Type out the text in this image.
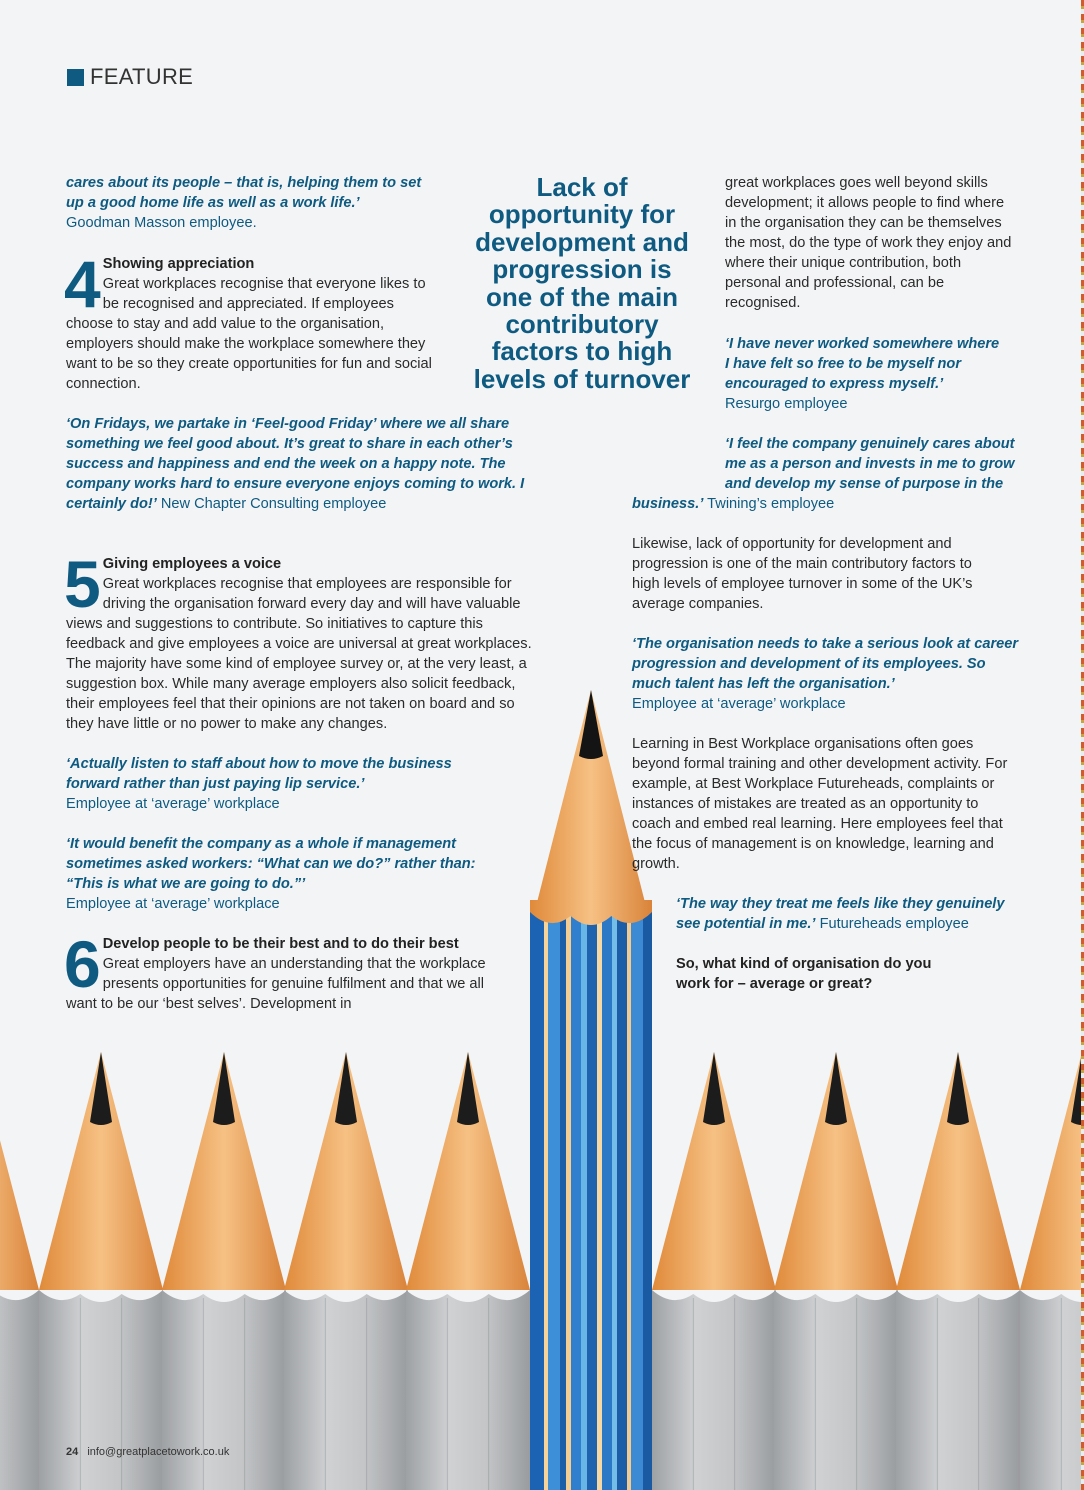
FEATURE
cares about its people – that is, helping them to set up a good home life as well as a work life.’ Goodman Masson employee.
4 Showing appreciation
Great workplaces recognise that everyone likes to be recognised and appreciated. If employees choose to stay and add value to the organisation, employers should make the workplace somewhere they want to be so they create opportunities for fun and social connection.
‘On Fridays, we partake in ‘Feel-good Friday’ where we all share something we feel good about. It’s great to share in each other’s success and happiness and end the week on a happy note. The company works hard to ensure everyone enjoys coming to work. I certainly do!’ New Chapter Consulting employee
5 Giving employees a voice
Great workplaces recognise that employees are responsible for driving the organisation forward every day and will have valuable views and suggestions to contribute. So initiatives to capture this feedback and give employees a voice are universal at great workplaces. The majority have some kind of employee survey or, at the very least, a suggestion box. While many average employers also solicit feedback, their employees feel that their opinions are not taken on board and so they have little or no power to make any changes.
‘Actually listen to staff about how to move the business forward rather than just paying lip service.’
Employee at ‘average’ workplace
‘It would benefit the company as a whole if management sometimes asked workers: “What can we do?” rather than: “This is what we are going to do.”’
Employee at ‘average’ workplace
6 Develop people to be their best and to do their best
Great employers have an understanding that the workplace presents opportunities for genuine fulfilment and that we all want to be our ‘best selves’. Development in
Lack of opportunity for development and progression is one of the main contributory factors to high levels of turnover
great workplaces goes well beyond skills development; it allows people to find where in the organisation they can be themselves the most, do the type of work they enjoy and where their unique contribution, both personal and professional, can be recognised.
‘I have never worked somewhere where I have felt so free to be myself nor encouraged to express myself.’
Resurgo employee
‘I feel the company genuinely cares about me as a person and invests in me to grow and develop my sense of purpose in the business.’ Twining’s employee
Likewise, lack of opportunity for development and progression is one of the main contributory factors to high levels of employee turnover in some of the UK’s average companies.
‘The organisation needs to take a serious look at career progression and development of its employees. So much talent has left the organisation.’
Employee at ‘average’ workplace
Learning in Best Workplace organisations often goes beyond formal training and other development activity. For example, at Best Workplace Futureheads, complaints or instances of mistakes are treated as an opportunity to coach and embed real learning. Here employees feel that the focus of management is on knowledge, learning and growth.
‘The way they treat me feels like they genuinely see potential in me.’ Futureheads employee
So, what kind of organisation do you work for – average or great?
24 info@greatplacetowork.co.uk
